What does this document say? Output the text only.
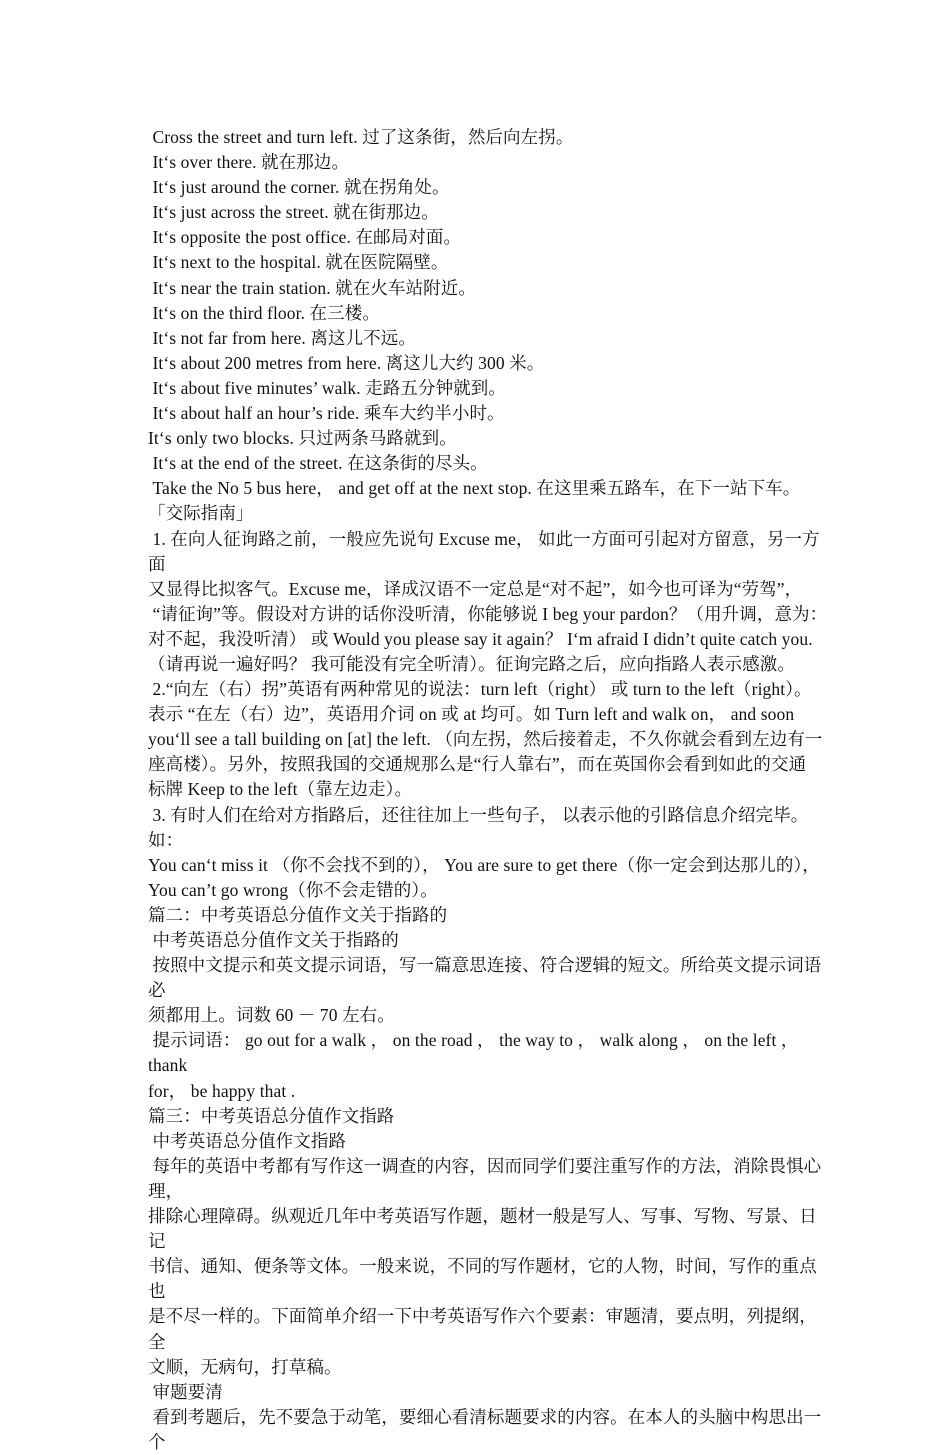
Cross the street and turn left. 过了这条街，然后向左拐。
It‘s over there. 就在那边。
It‘s just around the corner. 就在拐角处。
It‘s just across the street. 就在街那边。
It‘s opposite the post office. 在邮局对面。
It‘s next to the hospital. 就在医院隔壁。
It‘s near the train station. 就在火车站附近。
It‘s on the third floor. 在三楼。
It‘s not far from here. 离这儿不远。
It‘s about 200 metres from here. 离这儿大约 300 米。
It‘s about five minutes’ walk. 走路五分钟就到。
It‘s about half an hour’s ride. 乘车大约半小时。
It‘s only two blocks. 只过两条马路就到。
It‘s at the end of the street. 在这条街的尽头。
Take the No 5 bus here， and get off at the next stop. 在这里乘五路车，在下一站下车。
「交际指南」
1. 在向人征询路之前，一般应先说句 Excuse me， 如此一方面可引起对方留意，另一方面
又显得比拟客气。Excuse me，译成汉语不一定总是“对不起”，如今也可译为“劳驾”，
“请征询”等。假设对方讲的话你没听清，你能够说 I beg your pardon？（用升调，意为：
对不起，我没听清） 或 Would you please say it again？ I‘m afraid I didn’t quite catch you.
（请再说一遍好吗？ 我可能没有完全听清）。征询完路之后，应向指路人表示感激。
2.“向左（右）拐”英语有两种常见的说法：turn left（right） 或 turn to the left（right）。
表示 “在左（右）边”，英语用介词 on 或 at 均可。如 Turn left and walk on， and soon
you‘ll see a tall building on [at] the left. （向左拐，然后接着走，不久你就会看到左边有一
座高楼）。另外，按照我国的交通规那么是“行人靠右”，而在英国你会看到如此的交通
标牌 Keep to the left（靠左边走）。
3. 有时人们在给对方指路后，还往往加上一些句子， 以表示他的引路信息介绍完毕。如：
You can‘t miss it （你不会找不到的）， You are sure to get there（你一定会到达那儿的），
You can’t go wrong（你不会走错的）。
篇二：中考英语总分值作文关于指路的
中考英语总分值作文关于指路的
按照中文提示和英文提示词语，写一篇意思连接、符合逻辑的短文。所给英文提示词语必
须都用上。词数 60 － 70 左右。
提示词语： go out for a walk ， on the road ， the way to ， walk along ， on the left ， thank
for， be happy that .
篇三：中考英语总分值作文指路
中考英语总分值作文指路
每年的英语中考都有写作这一调查的内容，因而同学们要注重写作的方法，消除畏惧心理，
排除心理障碍。纵观近几年中考英语写作题，题材一般是写人、写事、写物、写景、日记
书信、通知、便条等文体。一般来说，不同的写作题材，它的人物，时间，写作的重点也
是不尽一样的。下面简单介绍一下中考英语写作六个要素：审题清，要点明，列提纲，全
文顺，无病句，打草稿。
审题要清
看到考题后，先不要急于动笔，要细心看清标题要求的内容。在本人的头脑中构思出一个
